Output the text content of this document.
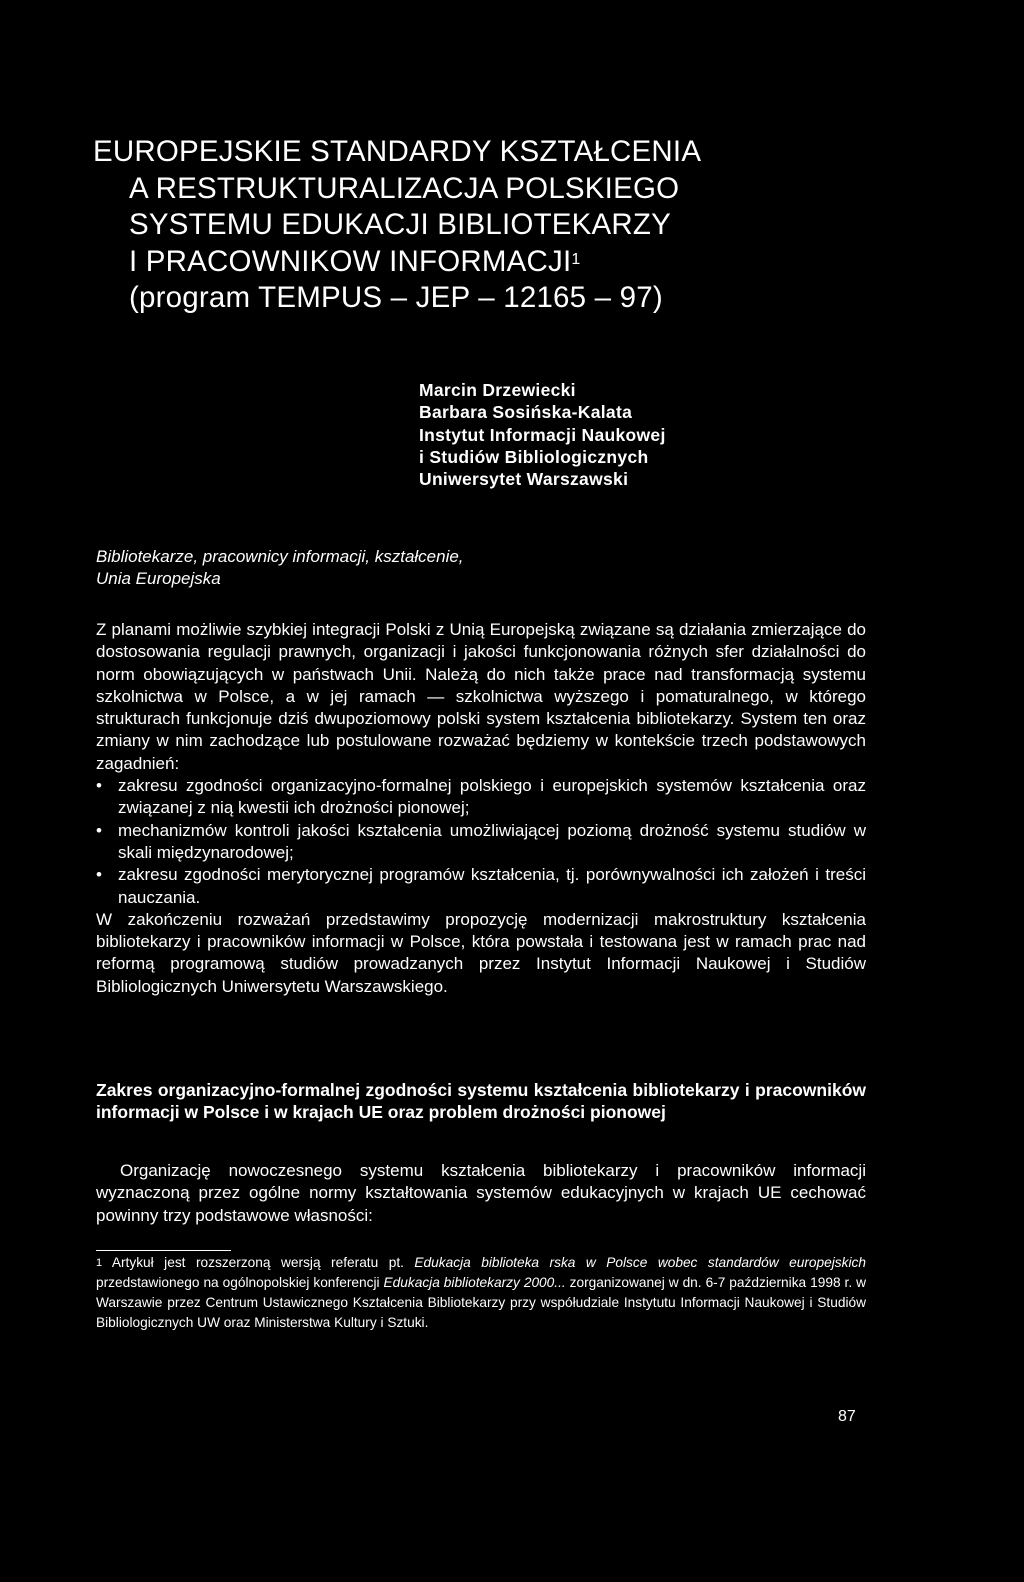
EUROPEJSKIE STANDARDY KSZTAŁCENIA
A RESTRUKTURALIZACJA POLSKIEGO
SYSTEMU EDUKACJI BIBLIOTEKARZY
I PRACOWNIKOW INFORMACJI$^1$
(program TEMPUS – JEP – 12165 – 97)
Marcin Drzewiecki
Barbara Sosińska-Kalata
Instytut Informacji Naukowej
i Studiów Bibliologicznych
Uniwersytet Warszawski
Bibliotekarze, pracownicy informacji, kształcenie,
Unia Europejska

Z planami możliwie szybkiej integracji Polski z Unią Europejską związane są działania zmierzające do dostosowania regulacji prawnych, organizacji i jakości funkcjonowania różnych sfer działalności do norm obowiązujących w państwach Unii. Należą do nich także prace nad transformacją systemu szkolnictwa w Polsce, a w jej ramach — szkolnictwa wyższego i pomaturalnego, w którego strukturach funkcjonuje dziś dwupoziomowy polski system kształcenia bibliotekarzy. System ten oraz zmiany w nim zachodzące lub postulowane rozważać będziemy w kontekście trzech podstawowych zagadnień:

• zakresu zgodności organizacyjno-formalnej polskiego i europejskich systemów kształcenia oraz związanej z nią kwestii ich drożności pionowej;
• mechanizmów kontroli jakości kształcenia umożliwiającej poziomą drożność systemu studiów w skali międzynarodowej;
• zakresu zgodności merytorycznej programów kształcenia, tj. porównywalności ich założeń i treści nauczania.

W zakończeniu rozważań przedstawimy propozycję modernizacji makrostruktury kształcenia bibliotekarzy i pracowników informacji w Polsce, która powstała i testowana jest w ramach prac nad reformą programową studiów prowadzanych przez Instytut Informacji Naukowej i Studiów Bibliologicznych Uniwersytetu Warszawskiego.

Zakres organizacyjno-formalnej zgodności systemu kształcenia bibliotekarzy i pracowników informacji w Polsce i w krajach UE oraz problem drożności pionowej

Organizację nowoczesnego systemu kształcenia bibliotekarzy i pracowników informacji wyznaczoną przez ogólne normy kształtowania systemów edukacyjnych w krajach UE cechować powinny trzy podstawowe własności:

$^1$ Artykuł jest rozszerzoną wersją referatu pt. Edukacja biblioteka rska w Polsce wobec standardów europejskich przedstawionego na ogólnopolskiej konferencji Edukacja bibliotekarzy 2000... zorganizowanej w dn. 6-7 października 1998 r. w Warszawie przez Centrum Ustawicznego Kształcenia Bibliotekarzy przy współudziale Instytutu Informacji Naukowej i Studiów Bibliologicznych UW oraz Ministerstwa Kultury i Sztuki.

87
